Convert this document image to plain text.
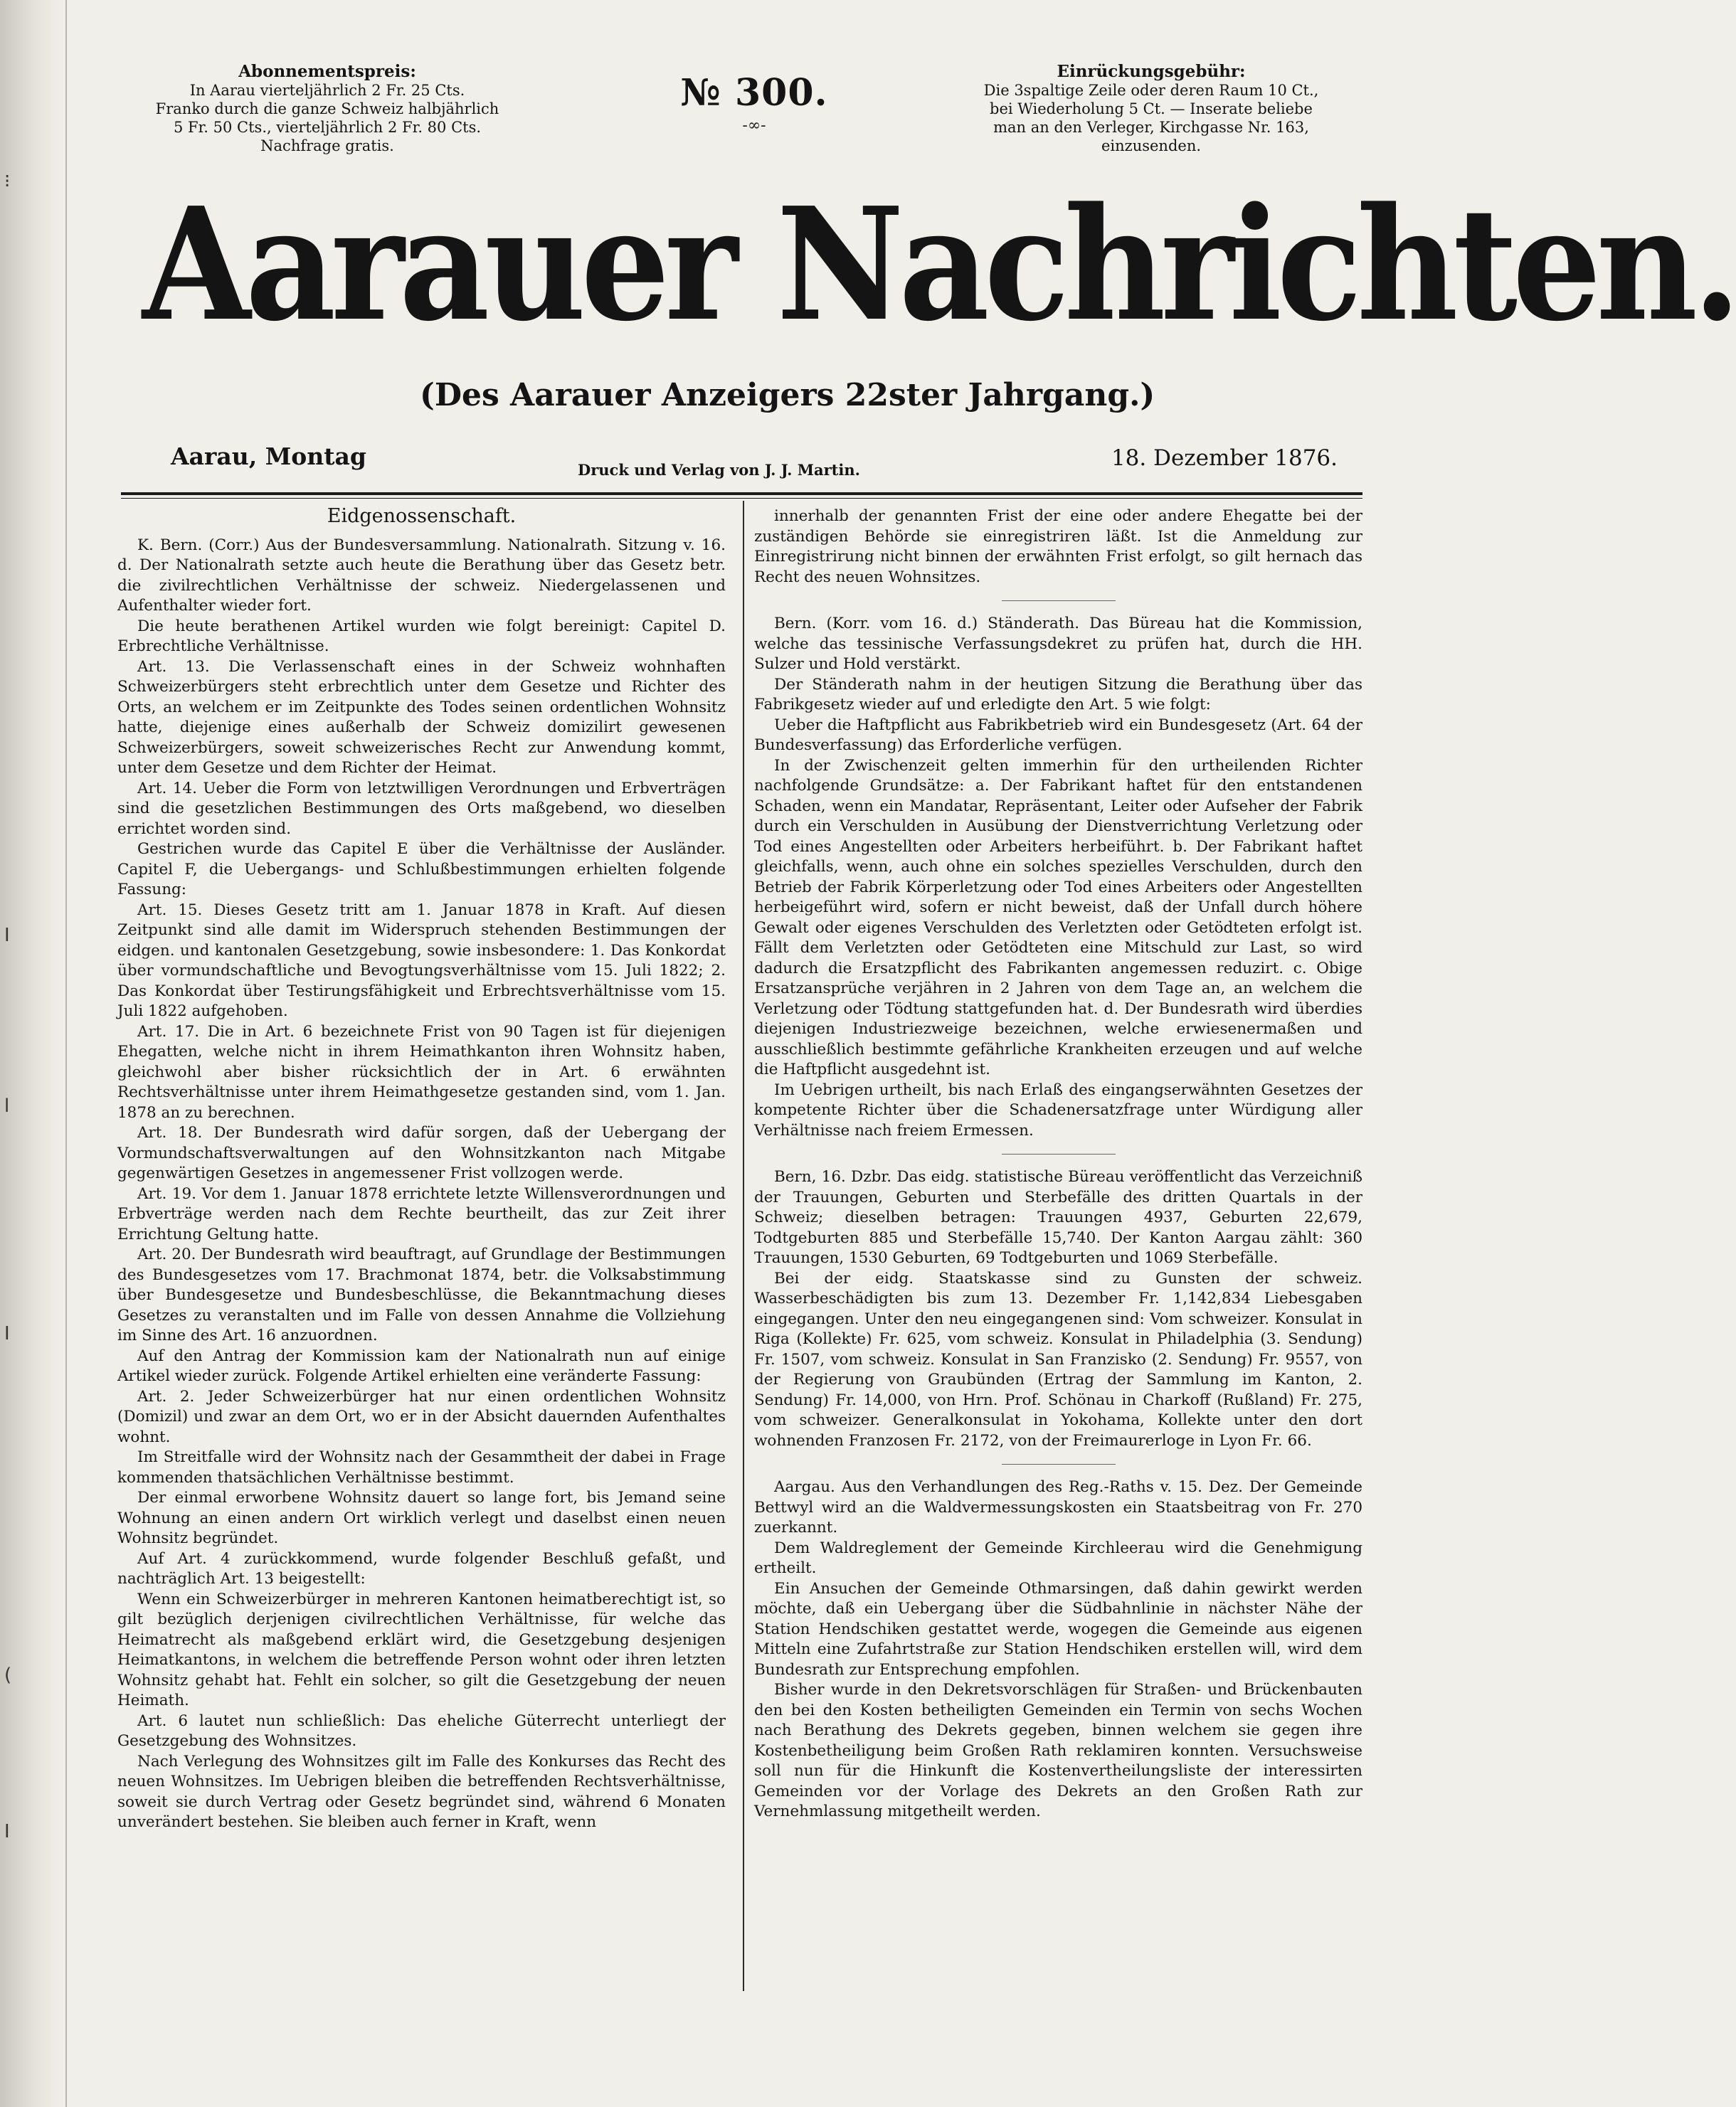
⁝
I
l
I
(
I
Abonnementspreis:
In Aarau vierteljährlich 2 Fr. 25 Cts.
Franko durch die ganze Schweiz halbjährlich
5 Fr. 50 Cts., vierteljährlich 2 Fr. 80 Cts.
Nachfrage gratis.
№ 300.
-∞-
Einrückungsgebühr:
Die 3spaltige Zeile oder deren Raum 10 Ct.,
bei Wiederholung 5 Ct. — Inserate beliebe
man an den Verleger, Kirchgasse Nr. 163,
einzusenden.
Aarauer Nachrichten.
(Des Aarauer Anzeigers 22ster Jahrgang.)
Aarau, Montag	Druck und Verlag von J. J. Martin.	18. Dezember 1876.

Eidgenossenschaft.

K. Bern. (Corr.) Aus der Bundesversammlung. Nationalrath. Sitzung v. 16. d. Der Nationalrath setzte auch heute die Berathung über das Gesetz betr. die zivilrechtlichen Verhältnisse der schweiz. Niedergelassenen und Aufenthalter wieder fort.

Die heute berathenen Artikel wurden wie folgt bereinigt: Capitel D. Erbrechtliche Verhältnisse.

Art. 13. Die Verlassenschaft eines in der Schweiz wohnhaften Schweizerbürgers steht erbrechtlich unter dem Gesetze und Richter des Orts, an welchem er im Zeitpunkte des Todes seinen ordentlichen Wohnsitz hatte, diejenige eines außerhalb der Schweiz domizilirt gewesenen Schweizerbürgers, soweit schweizerisches Recht zur Anwendung kommt, unter dem Gesetze und dem Richter der Heimat.

Art. 14. Ueber die Form von letztwilligen Verordnungen und Erbverträgen sind die gesetzlichen Bestimmungen des Orts maßgebend, wo dieselben errichtet worden sind.

Gestrichen wurde das Capitel E über die Verhältnisse der Ausländer. Capitel F, die Uebergangs- und Schlußbestimmungen erhielten folgende Fassung:

Art. 15. Dieses Gesetz tritt am 1. Januar 1878 in Kraft. Auf diesen Zeitpunkt sind alle damit im Widerspruch stehenden Bestimmungen der eidgen. und kantonalen Gesetzgebung, sowie insbesondere: 1. Das Konkordat über vormundschaftliche und Bevogtungsverhältnisse vom 15. Juli 1822; 2. Das Konkordat über Testirungsfähigkeit und Erbrechtsverhältnisse vom 15. Juli 1822 aufgehoben.

Art. 17. Die in Art. 6 bezeichnete Frist von 90 Tagen ist für diejenigen Ehegatten, welche nicht in ihrem Heimathkanton ihren Wohnsitz haben, gleichwohl aber bisher rücksichtlich der in Art. 6 erwähnten Rechtsverhältnisse unter ihrem Heimathgesetze gestanden sind, vom 1. Jan. 1878 an zu berechnen.

Art. 18. Der Bundesrath wird dafür sorgen, daß der Uebergang der Vormundschaftsverwaltungen auf den Wohnsitzkanton nach Mitgabe gegenwärtigen Gesetzes in angemessener Frist vollzogen werde.

Art. 19. Vor dem 1. Januar 1878 errichtete letzte Willensverordnungen und Erbverträge werden nach dem Rechte beurtheilt, das zur Zeit ihrer Errichtung Geltung hatte.

Art. 20. Der Bundesrath wird beauftragt, auf Grundlage der Bestimmungen des Bundesgesetzes vom 17. Brachmonat 1874, betr. die Volksabstimmung über Bundesgesetze und Bundesbeschlüsse, die Bekanntmachung dieses Gesetzes zu veranstalten und im Falle von dessen Annahme die Vollziehung im Sinne des Art. 16 anzuordnen.

Auf den Antrag der Kommission kam der Nationalrath nun auf einige Artikel wieder zurück. Folgende Artikel erhielten eine veränderte Fassung:

Art. 2. Jeder Schweizerbürger hat nur einen ordentlichen Wohnsitz (Domizil) und zwar an dem Ort, wo er in der Absicht dauernden Aufenthaltes wohnt.

Im Streitfalle wird der Wohnsitz nach der Gesammtheit der dabei in Frage kommenden thatsächlichen Verhältnisse bestimmt.

Der einmal erworbene Wohnsitz dauert so lange fort, bis Jemand seine Wohnung an einen andern Ort wirklich verlegt und daselbst einen neuen Wohnsitz begründet.

Auf Art. 4 zurückkommend, wurde folgender Beschluß gefaßt, und nachträglich Art. 13 beigestellt:

Wenn ein Schweizerbürger in mehreren Kantonen heimatberechtigt ist, so gilt bezüglich derjenigen civilrechtlichen Verhältnisse, für welche das Heimatrecht als maßgebend erklärt wird, die Gesetzgebung desjenigen Heimatkantons, in welchem die betreffende Person wohnt oder ihren letzten Wohnsitz gehabt hat. Fehlt ein solcher, so gilt die Gesetzgebung der neuen Heimath.

Art. 6 lautet nun schließlich: Das eheliche Güterrecht unterliegt der Gesetzgebung des Wohnsitzes.

Nach Verlegung des Wohnsitzes gilt im Falle des Konkurses das Recht des neuen Wohnsitzes. Im Uebrigen bleiben die betreffenden Rechtsverhältnisse, soweit sie durch Vertrag oder Gesetz begründet sind, während 6 Monaten unverändert bestehen. Sie bleiben auch ferner in Kraft, wenn

innerhalb der genannten Frist der eine oder andere Ehegatte bei der zuständigen Behörde sie einregistriren läßt. Ist die Anmeldung zur Einregistrirung nicht binnen der erwähnten Frist erfolgt, so gilt hernach das Recht des neuen Wohnsitzes.

Bern. (Korr. vom 16. d.) Ständerath. Das Büreau hat die Kommission, welche das tessinische Verfassungsdekret zu prüfen hat, durch die HH. Sulzer und Hold verstärkt.

Der Ständerath nahm in der heutigen Sitzung die Berathung über das Fabrikgesetz wieder auf und erledigte den Art. 5 wie folgt:

Ueber die Haftpflicht aus Fabrikbetrieb wird ein Bundesgesetz (Art. 64 der Bundesverfassung) das Erforderliche verfügen.

In der Zwischenzeit gelten immerhin für den urtheilenden Richter nachfolgende Grundsätze: a. Der Fabrikant haftet für den entstandenen Schaden, wenn ein Mandatar, Repräsentant, Leiter oder Aufseher der Fabrik durch ein Verschulden in Ausübung der Dienstverrichtung Verletzung oder Tod eines Angestellten oder Arbeiters herbeiführt. b. Der Fabrikant haftet gleichfalls, wenn, auch ohne ein solches spezielles Verschulden, durch den Betrieb der Fabrik Körperletzung oder Tod eines Arbeiters oder Angestellten herbeigeführt wird, sofern er nicht beweist, daß der Unfall durch höhere Gewalt oder eigenes Verschulden des Verletzten oder Getödteten erfolgt ist. Fällt dem Verletzten oder Getödteten eine Mitschuld zur Last, so wird dadurch die Ersatzpflicht des Fabrikanten angemessen reduzirt. c. Obige Ersatzansprüche verjähren in 2 Jahren von dem Tage an, an welchem die Verletzung oder Tödtung stattgefunden hat. d. Der Bundesrath wird überdies diejenigen Industriezweige bezeichnen, welche erwiesenermaßen und ausschließlich bestimmte gefährliche Krankheiten erzeugen und auf welche die Haftpflicht ausgedehnt ist.

Im Uebrigen urtheilt, bis nach Erlaß des eingangserwähnten Gesetzes der kompetente Richter über die Schadenersatzfrage unter Würdigung aller Verhältnisse nach freiem Ermessen.

Bern, 16. Dzbr. Das eidg. statistische Büreau veröffentlicht das Verzeichniß der Trauungen, Geburten und Sterbefälle des dritten Quartals in der Schweiz; dieselben betragen: Trauungen 4937, Geburten 22,679, Todtgeburten 885 und Sterbefälle 15,740. Der Kanton Aargau zählt: 360 Trauungen, 1530 Geburten, 69 Todtgeburten und 1069 Sterbefälle.

Bei der eidg. Staatskasse sind zu Gunsten der schweiz. Wasserbeschädigten bis zum 13. Dezember Fr. 1,142,834 Liebesgaben eingegangen. Unter den neu eingegangenen sind: Vom schweizer. Konsulat in Riga (Kollekte) Fr. 625, vom schweiz. Konsulat in Philadelphia (3. Sendung) Fr. 1507, vom schweiz. Konsulat in San Franzisko (2. Sendung) Fr. 9557, von der Regierung von Graubünden (Ertrag der Sammlung im Kanton, 2. Sendung) Fr. 14,000, von Hrn. Prof. Schönau in Charkoff (Rußland) Fr. 275, vom schweizer. Generalkonsulat in Yokohama, Kollekte unter den dort wohnenden Franzosen Fr. 2172, von der Freimaurerloge in Lyon Fr. 66.

Aargau. Aus den Verhandlungen des Reg.-Raths v. 15. Dez. Der Gemeinde Bettwyl wird an die Waldvermessungskosten ein Staatsbeitrag von Fr. 270 zuerkannt.

Dem Waldreglement der Gemeinde Kirchleerau wird die Genehmigung ertheilt.

Ein Ansuchen der Gemeinde Othmarsingen, daß dahin gewirkt werden möchte, daß ein Uebergang über die Südbahnlinie in nächster Nähe der Station Hendschiken gestattet werde, wogegen die Gemeinde aus eigenen Mitteln eine Zufahrtstraße zur Station Hendschiken erstellen will, wird dem Bundesrath zur Entsprechung empfohlen.

Bisher wurde in den Dekretsvorschlägen für Straßen- und Brückenbauten den bei den Kosten betheiligten Gemeinden ein Termin von sechs Wochen nach Berathung des Dekrets gegeben, binnen welchem sie gegen ihre Kostenbetheiligung beim Großen Rath reklamiren konnten. Versuchsweise soll nun für die Hinkunft die Kostenvertheilungsliste der interessirten Gemeinden vor der Vorlage des Dekrets an den Großen Rath zur Vernehmlassung mitgetheilt werden.
